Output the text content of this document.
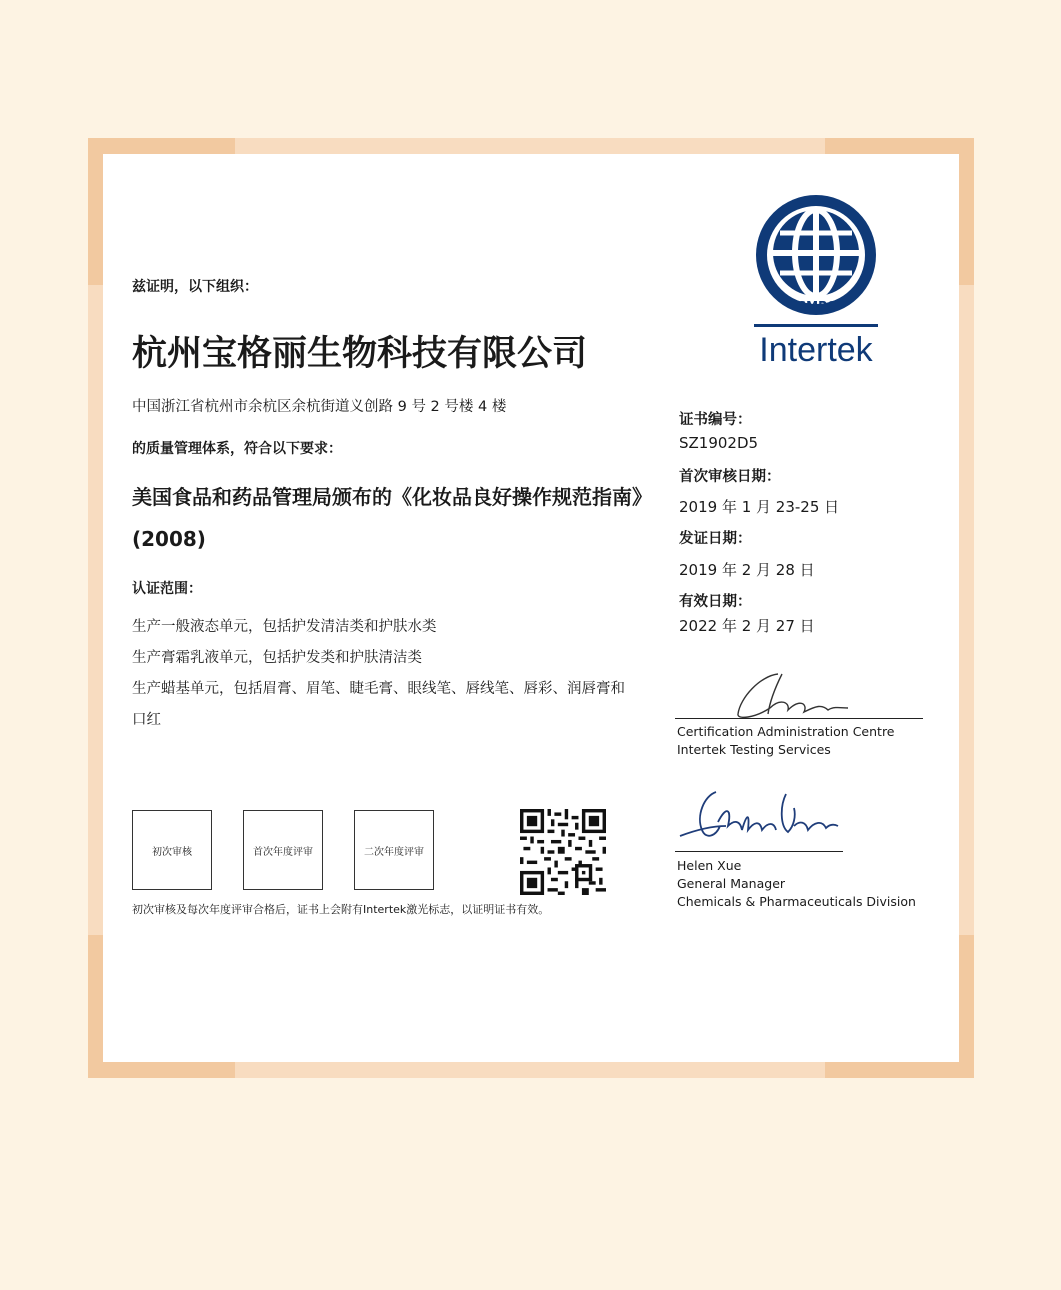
兹证明，以下组织：
杭州宝格丽生物科技有限公司
中国浙江省杭州市余杭区余杭街道义创路 9 号 2 号楼 4 楼
的质量管理体系，符合以下要求：
美国食品和药品管理局颁布的《化妆品良好操作规范指南》(2008)
认证范围：
生产一般液态单元，包括护发清洁类和护肤水类
生产膏霜乳液单元，包括护发类和护肤清洁类
生产蜡基单元，包括眉膏、眉笔、睫毛膏、眼线笔、唇线笔、唇彩、润唇膏和口红
初次审核	首次年度评审	二次年度评审
初次审核及每次年度评审合格后，证书上会附有Intertek激光标志，以证明证书有效。
GMPC
Intertek
证书编号：
SZ1902D5
首次审核日期：
2019 年 1 月 23-25 日
发证日期：
2019 年 2 月 28 日
有效日期：
2022 年 2 月 27 日
Certification Administration Centre
Intertek Testing Services
Helen Xue
General Manager
Chemicals & Pharmaceuticals Division
